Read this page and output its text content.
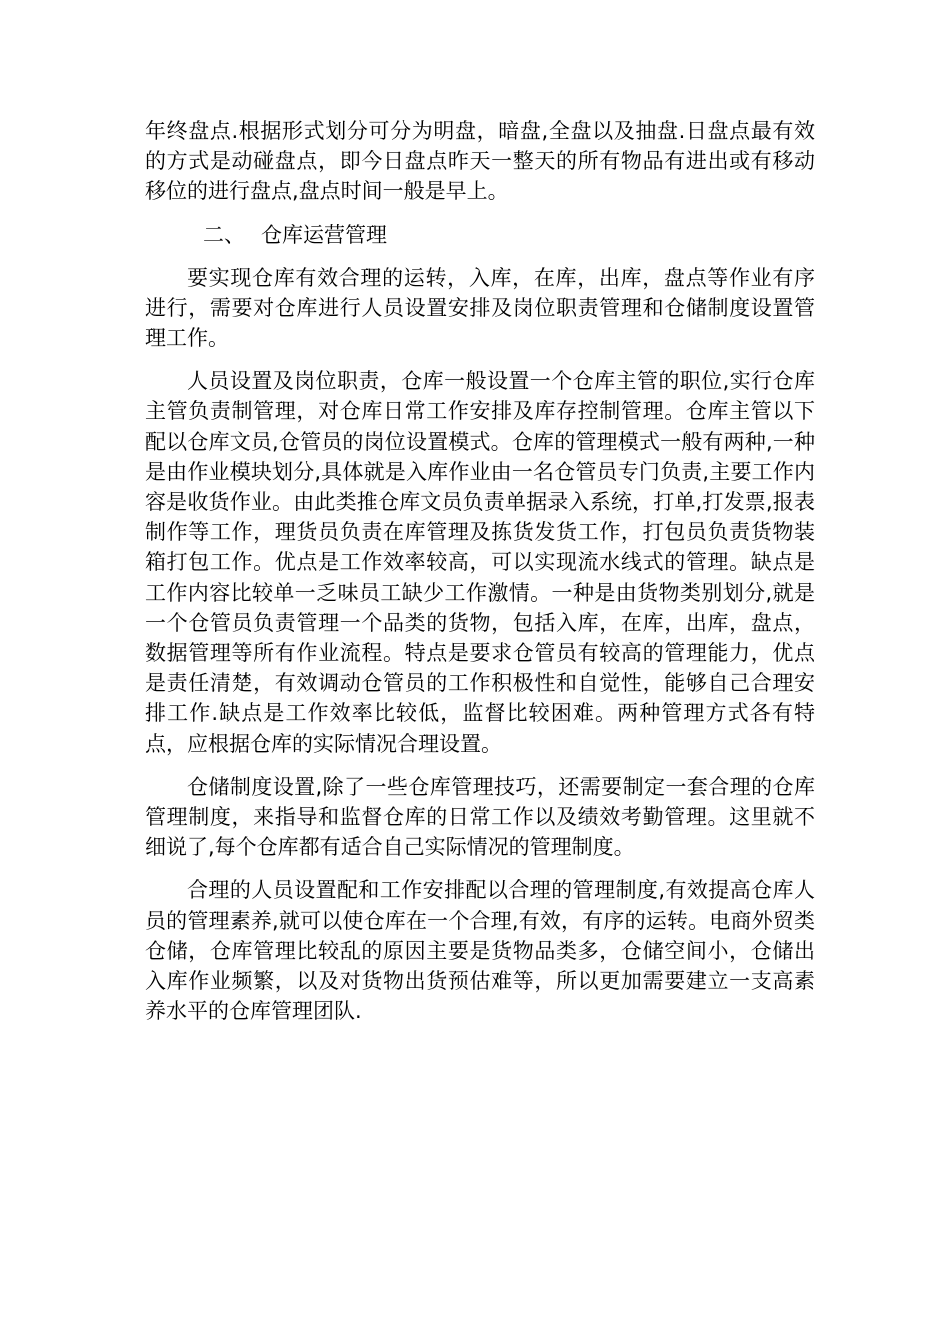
年终盘点.根据形式划分可分为明盘，暗盘,全盘以及抽盘.日盘点最有效的方式是动碰盘点，即今日盘点昨天一整天的所有物品有进出或有移动移位的进行盘点,盘点时间一般是早上。

二、 仓库运营管理

要实现仓库有效合理的运转，入库，在库，出库，盘点等作业有序进行，需要对仓库进行人员设置安排及岗位职责管理和仓储制度设置管理工作。

人员设置及岗位职责，仓库一般设置一个仓库主管的职位,实行仓库主管负责制管理，对仓库日常工作安排及库存控制管理。仓库主管以下配以仓库文员,仓管员的岗位设置模式。仓库的管理模式一般有两种,一种是由作业模块划分,具体就是入库作业由一名仓管员专门负责,主要工作内容是收货作业。由此类推仓库文员负责单据录入系统，打单,打发票,报表制作等工作，理货员负责在库管理及拣货发货工作，打包员负责货物装箱打包工作。优点是工作效率较高，可以实现流水线式的管理。缺点是工作内容比较单一乏味员工缺少工作激情。一种是由货物类别划分,就是一个仓管员负责管理一个品类的货物，包括入库，在库，出库，盘点，数据管理等所有作业流程。特点是要求仓管员有较高的管理能力，优点是责任清楚，有效调动仓管员的工作积极性和自觉性，能够自己合理安排工作.缺点是工作效率比较低，监督比较困难。两种管理方式各有特点，应根据仓库的实际情况合理设置。

仓储制度设置,除了一些仓库管理技巧，还需要制定一套合理的仓库管理制度，来指导和监督仓库的日常工作以及绩效考勤管理。这里就不细说了,每个仓库都有适合自己实际情况的管理制度。

合理的人员设置配和工作安排配以合理的管理制度,有效提高仓库人员的管理素养,就可以使仓库在一个合理,有效，有序的运转。电商外贸类仓储，仓库管理比较乱的原因主要是货物品类多，仓储空间小，仓储出入库作业频繁，以及对货物出货预估难等，所以更加需要建立一支高素养水平的仓库管理团队.
